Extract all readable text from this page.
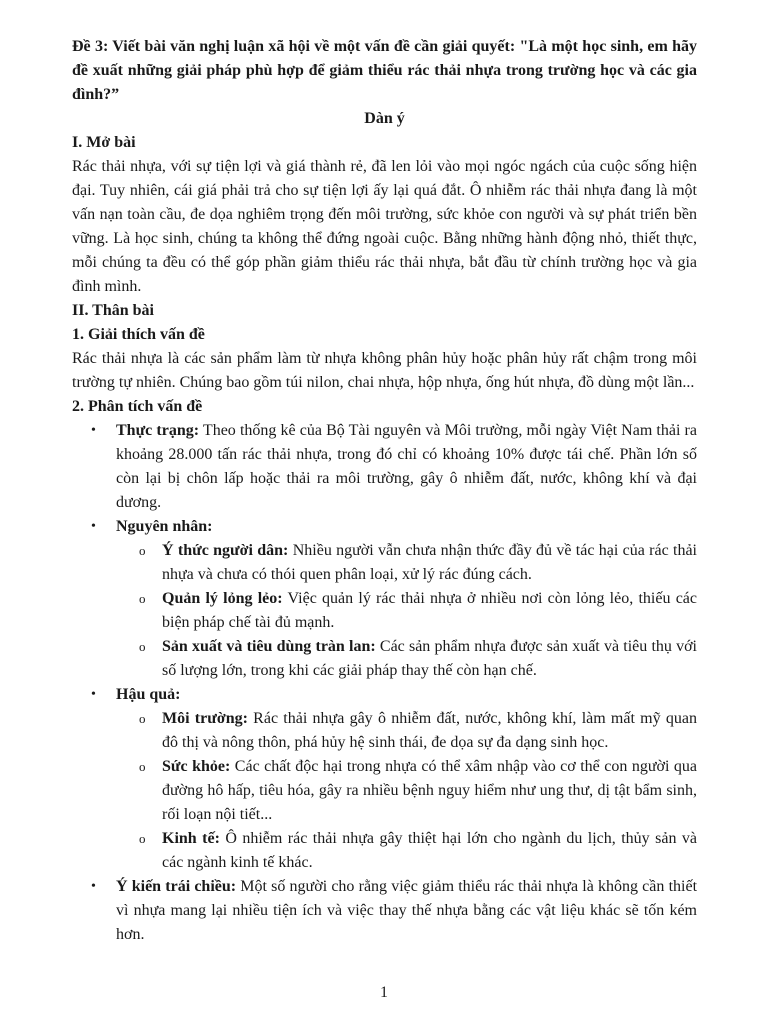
Đề 3: Viết bài văn nghị luận xã hội về một vấn đề cần giải quyết: "Là một học sinh, em hãy đề xuất những giải pháp phù hợp để giảm thiểu rác thải nhựa trong trường học và các gia đình?”

Dàn ý

I. Mở bài

Rác thải nhựa, với sự tiện lợi và giá thành rẻ, đã len lỏi vào mọi ngóc ngách của cuộc sống hiện đại. Tuy nhiên, cái giá phải trả cho sự tiện lợi ấy lại quá đắt. Ô nhiễm rác thải nhựa đang là một vấn nạn toàn cầu, đe dọa nghiêm trọng đến môi trường, sức khỏe con người và sự phát triển bền vững. Là học sinh, chúng ta không thể đứng ngoài cuộc. Bằng những hành động nhỏ, thiết thực, mỗi chúng ta đều có thể góp phần giảm thiểu rác thải nhựa, bắt đầu từ chính trường học và gia đình mình.

II. Thân bài
1. Giải thích vấn đề

Rác thải nhựa là các sản phẩm làm từ nhựa không phân hủy hoặc phân hủy rất chậm trong môi trường tự nhiên. Chúng bao gồm túi nilon, chai nhựa, hộp nhựa, ống hút nhựa, đồ dùng một lần...

2. Phân tích vấn đề
• Thực trạng: Theo thống kê của Bộ Tài nguyên và Môi trường, mỗi ngày Việt Nam thải ra khoảng 28.000 tấn rác thải nhựa, trong đó chỉ có khoảng 10% được tái chế. Phần lớn số còn lại bị chôn lấp hoặc thải ra môi trường, gây ô nhiễm đất, nước, không khí và đại dương.
• Nguyên nhân:
o Ý thức người dân: Nhiều người vẫn chưa nhận thức đầy đủ về tác hại của rác thải nhựa và chưa có thói quen phân loại, xử lý rác đúng cách.
o Quản lý lỏng lẻo: Việc quản lý rác thải nhựa ở nhiều nơi còn lỏng lẻo, thiếu các biện pháp chế tài đủ mạnh.
o Sản xuất và tiêu dùng tràn lan: Các sản phẩm nhựa được sản xuất và tiêu thụ với số lượng lớn, trong khi các giải pháp thay thế còn hạn chế.
• Hậu quả:
o Môi trường: Rác thải nhựa gây ô nhiễm đất, nước, không khí, làm mất mỹ quan đô thị và nông thôn, phá hủy hệ sinh thái, đe dọa sự đa dạng sinh học.
o Sức khỏe: Các chất độc hại trong nhựa có thể xâm nhập vào cơ thể con người qua đường hô hấp, tiêu hóa, gây ra nhiều bệnh nguy hiểm như ung thư, dị tật bẩm sinh, rối loạn nội tiết...
o Kinh tế: Ô nhiễm rác thải nhựa gây thiệt hại lớn cho ngành du lịch, thủy sản và các ngành kinh tế khác.
• Ý kiến trái chiều: Một số người cho rằng việc giảm thiểu rác thải nhựa là không cần thiết vì nhựa mang lại nhiều tiện ích và việc thay thế nhựa bằng các vật liệu khác sẽ tốn kém hơn.
1
